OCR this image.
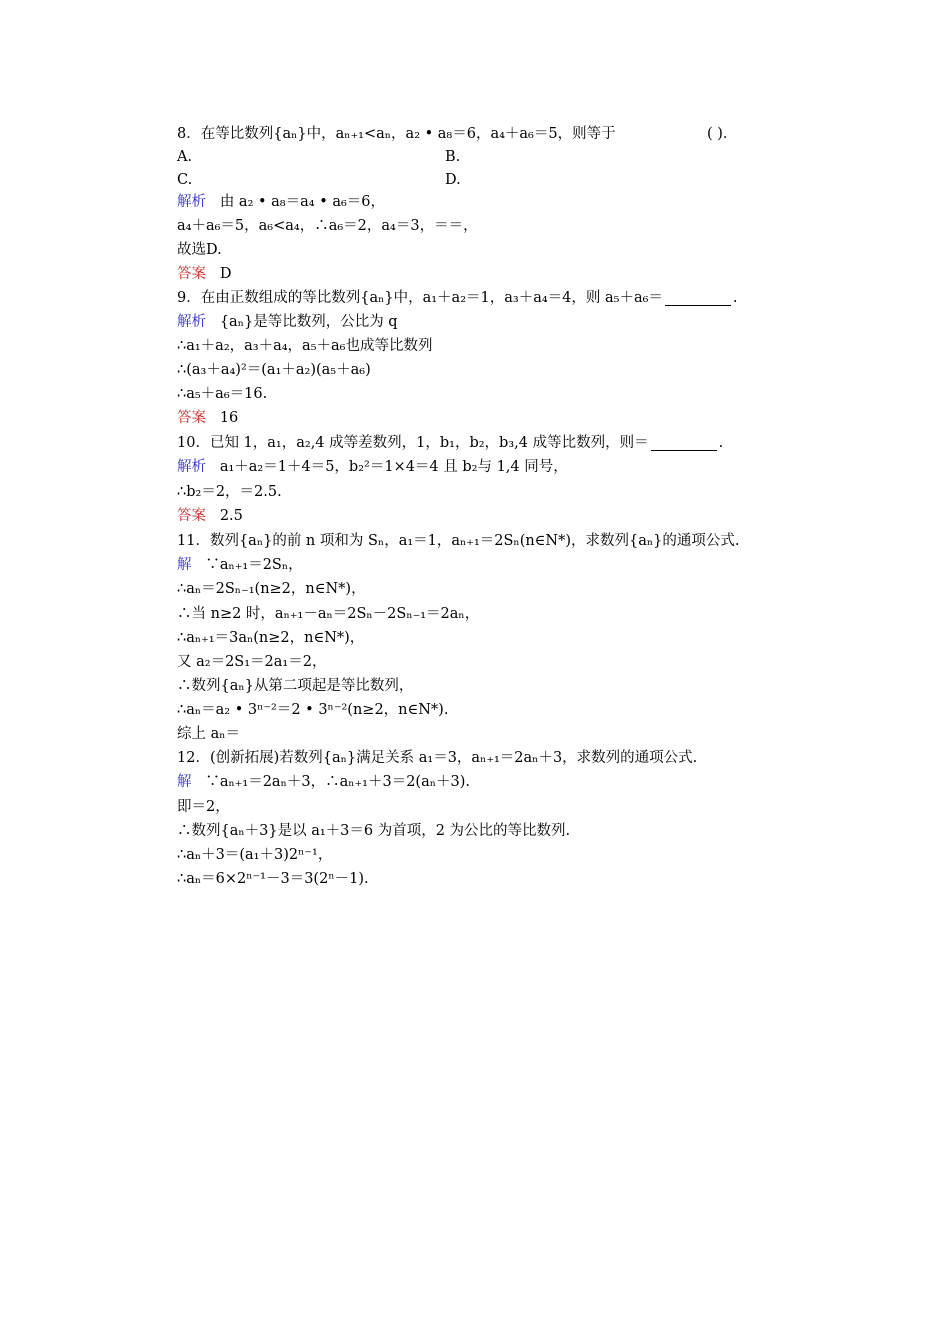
8．在等比数列{aₙ}中，aₙ₊₁<aₙ，a₂ • a₈＝6，a₄＋a₆＝5，则等于	( )．
A.	B.
C.	D.
解析 由 a₂ • a₈＝a₄ • a₆＝6，
a₄＋a₆＝5，a₆<a₄，∴a₆＝2，a₄＝3，＝＝，
故选D.
答案 D
9．在由正数组成的等比数列{aₙ}中，a₁＋a₂＝1，a₃＋a₄＝4，则 a₅＋a₆＝	.
解析 {aₙ}是等比数列，公比为 q
∴a₁＋a₂，a₃＋a₄，a₅＋a₆也成等比数列
∴(a₃＋a₄)²＝(a₁＋a₂)(a₅＋a₆)
∴a₅＋a₆＝16.
答案 16
10．已知 1，a₁，a₂,4 成等差数列，1，b₁，b₂，b₃,4 成等比数列，则＝	.
解析 a₁＋a₂＝1＋4＝5，b₂²＝1×4＝4 且 b₂与 1,4 同号，
∴b₂＝2，＝2.5.
答案 2.5
11．数列{aₙ}的前 n 项和为 Sₙ，a₁＝1，aₙ₊₁＝2Sₙ(n∈N*)，求数列{aₙ}的通项公式.
解 ∵aₙ₊₁＝2Sₙ，
∴aₙ＝2Sₙ₋₁(n≥2，n∈N*)，
∴当 n≥2 时，aₙ₊₁－aₙ＝2Sₙ－2Sₙ₋₁＝2aₙ，
∴aₙ₊₁＝3aₙ(n≥2，n∈N*)，
又 a₂＝2S₁＝2a₁＝2，
∴数列{aₙ}从第二项起是等比数列，
∴aₙ＝a₂ • 3ⁿ⁻²＝2 • 3ⁿ⁻²(n≥2，n∈N*).
综上 aₙ＝
12．(创新拓展)若数列{aₙ}满足关系 a₁＝3，aₙ₊₁＝2aₙ＋3，求数列的通项公式.
解 ∵aₙ₊₁＝2aₙ＋3，∴aₙ₊₁＋3＝2(aₙ＋3).
即＝2，
∴数列{aₙ＋3}是以 a₁＋3＝6 为首项，2 为公比的等比数列.
∴aₙ＋3＝(a₁＋3)2ⁿ⁻¹，
∴aₙ＝6×2ⁿ⁻¹－3＝3(2ⁿ－1).
